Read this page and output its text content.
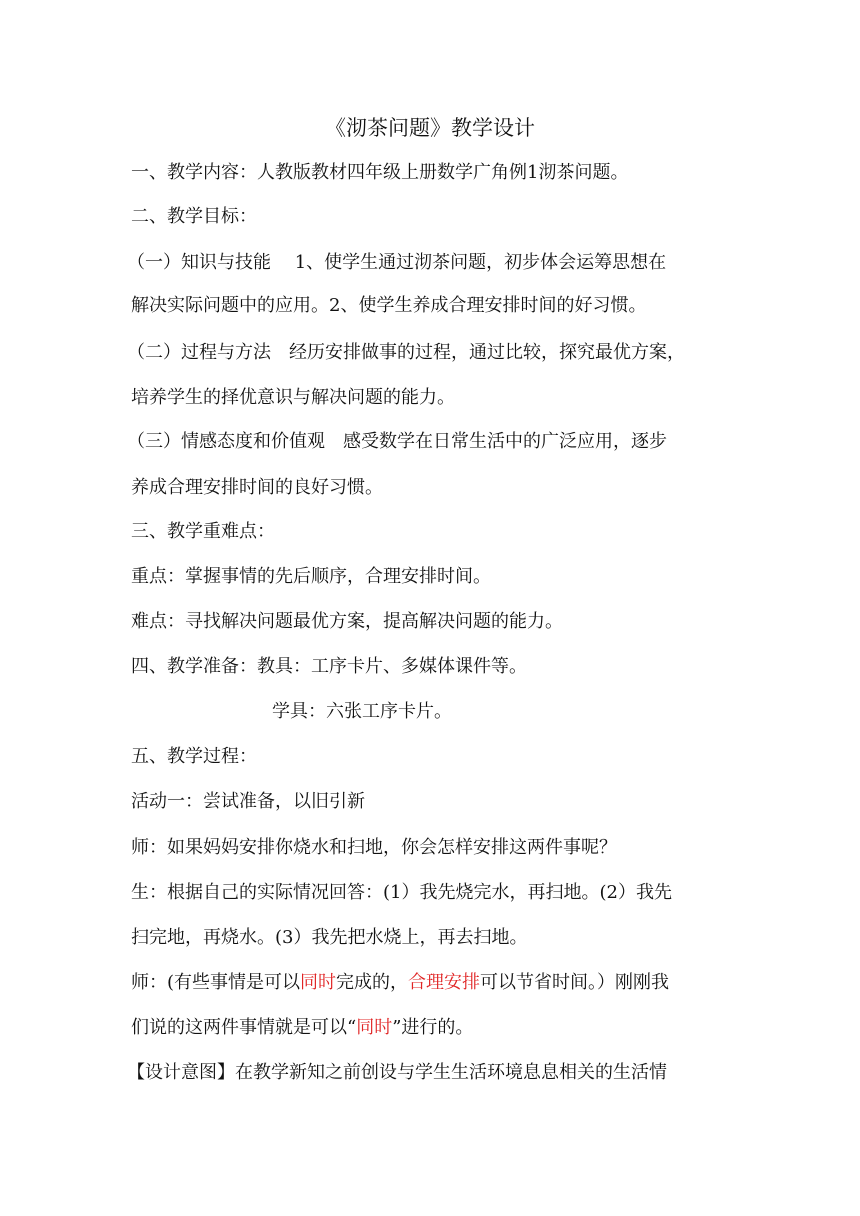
《沏茶问题》教学设计
一、教学内容：人教版教材四年级上册数学广角例1沏茶问题。
二、教学目标：
（一）知识与技能　 1、使学生通过沏茶问题，初步体会运筹思想在
解决实际问题中的应用。2、使学生养成合理安排时间的好习惯。
（二）过程与方法　经历安排做事的过程，通过比较，探究最优方案，
培养学生的择优意识与解决问题的能力。
（三）情感态度和价值观　感受数学在日常生活中的广泛应用，逐步
养成合理安排时间的良好习惯。
三、教学重难点：
重点：掌握事情的先后顺序，合理安排时间。
难点：寻找解决问题最优方案，提高解决问题的能力。
四、教学准备：教具：工序卡片、多媒体课件等。
学具：六张工序卡片。
五、教学过程：
活动一：尝试准备，以旧引新
师：如果妈妈安排你烧水和扫地，你会怎样安排这两件事呢？
生：根据自己的实际情况回答：(1）我先烧完水，再扫地。(2）我先
扫完地，再烧水。(3）我先把水烧上，再去扫地。
师：(有些事情是可以同时完成的，合理安排可以节省时间。）刚刚我
们说的这两件事情就是可以“同时”进行的。
【设计意图】在教学新知之前创设与学生生活环境息息相关的生活情
